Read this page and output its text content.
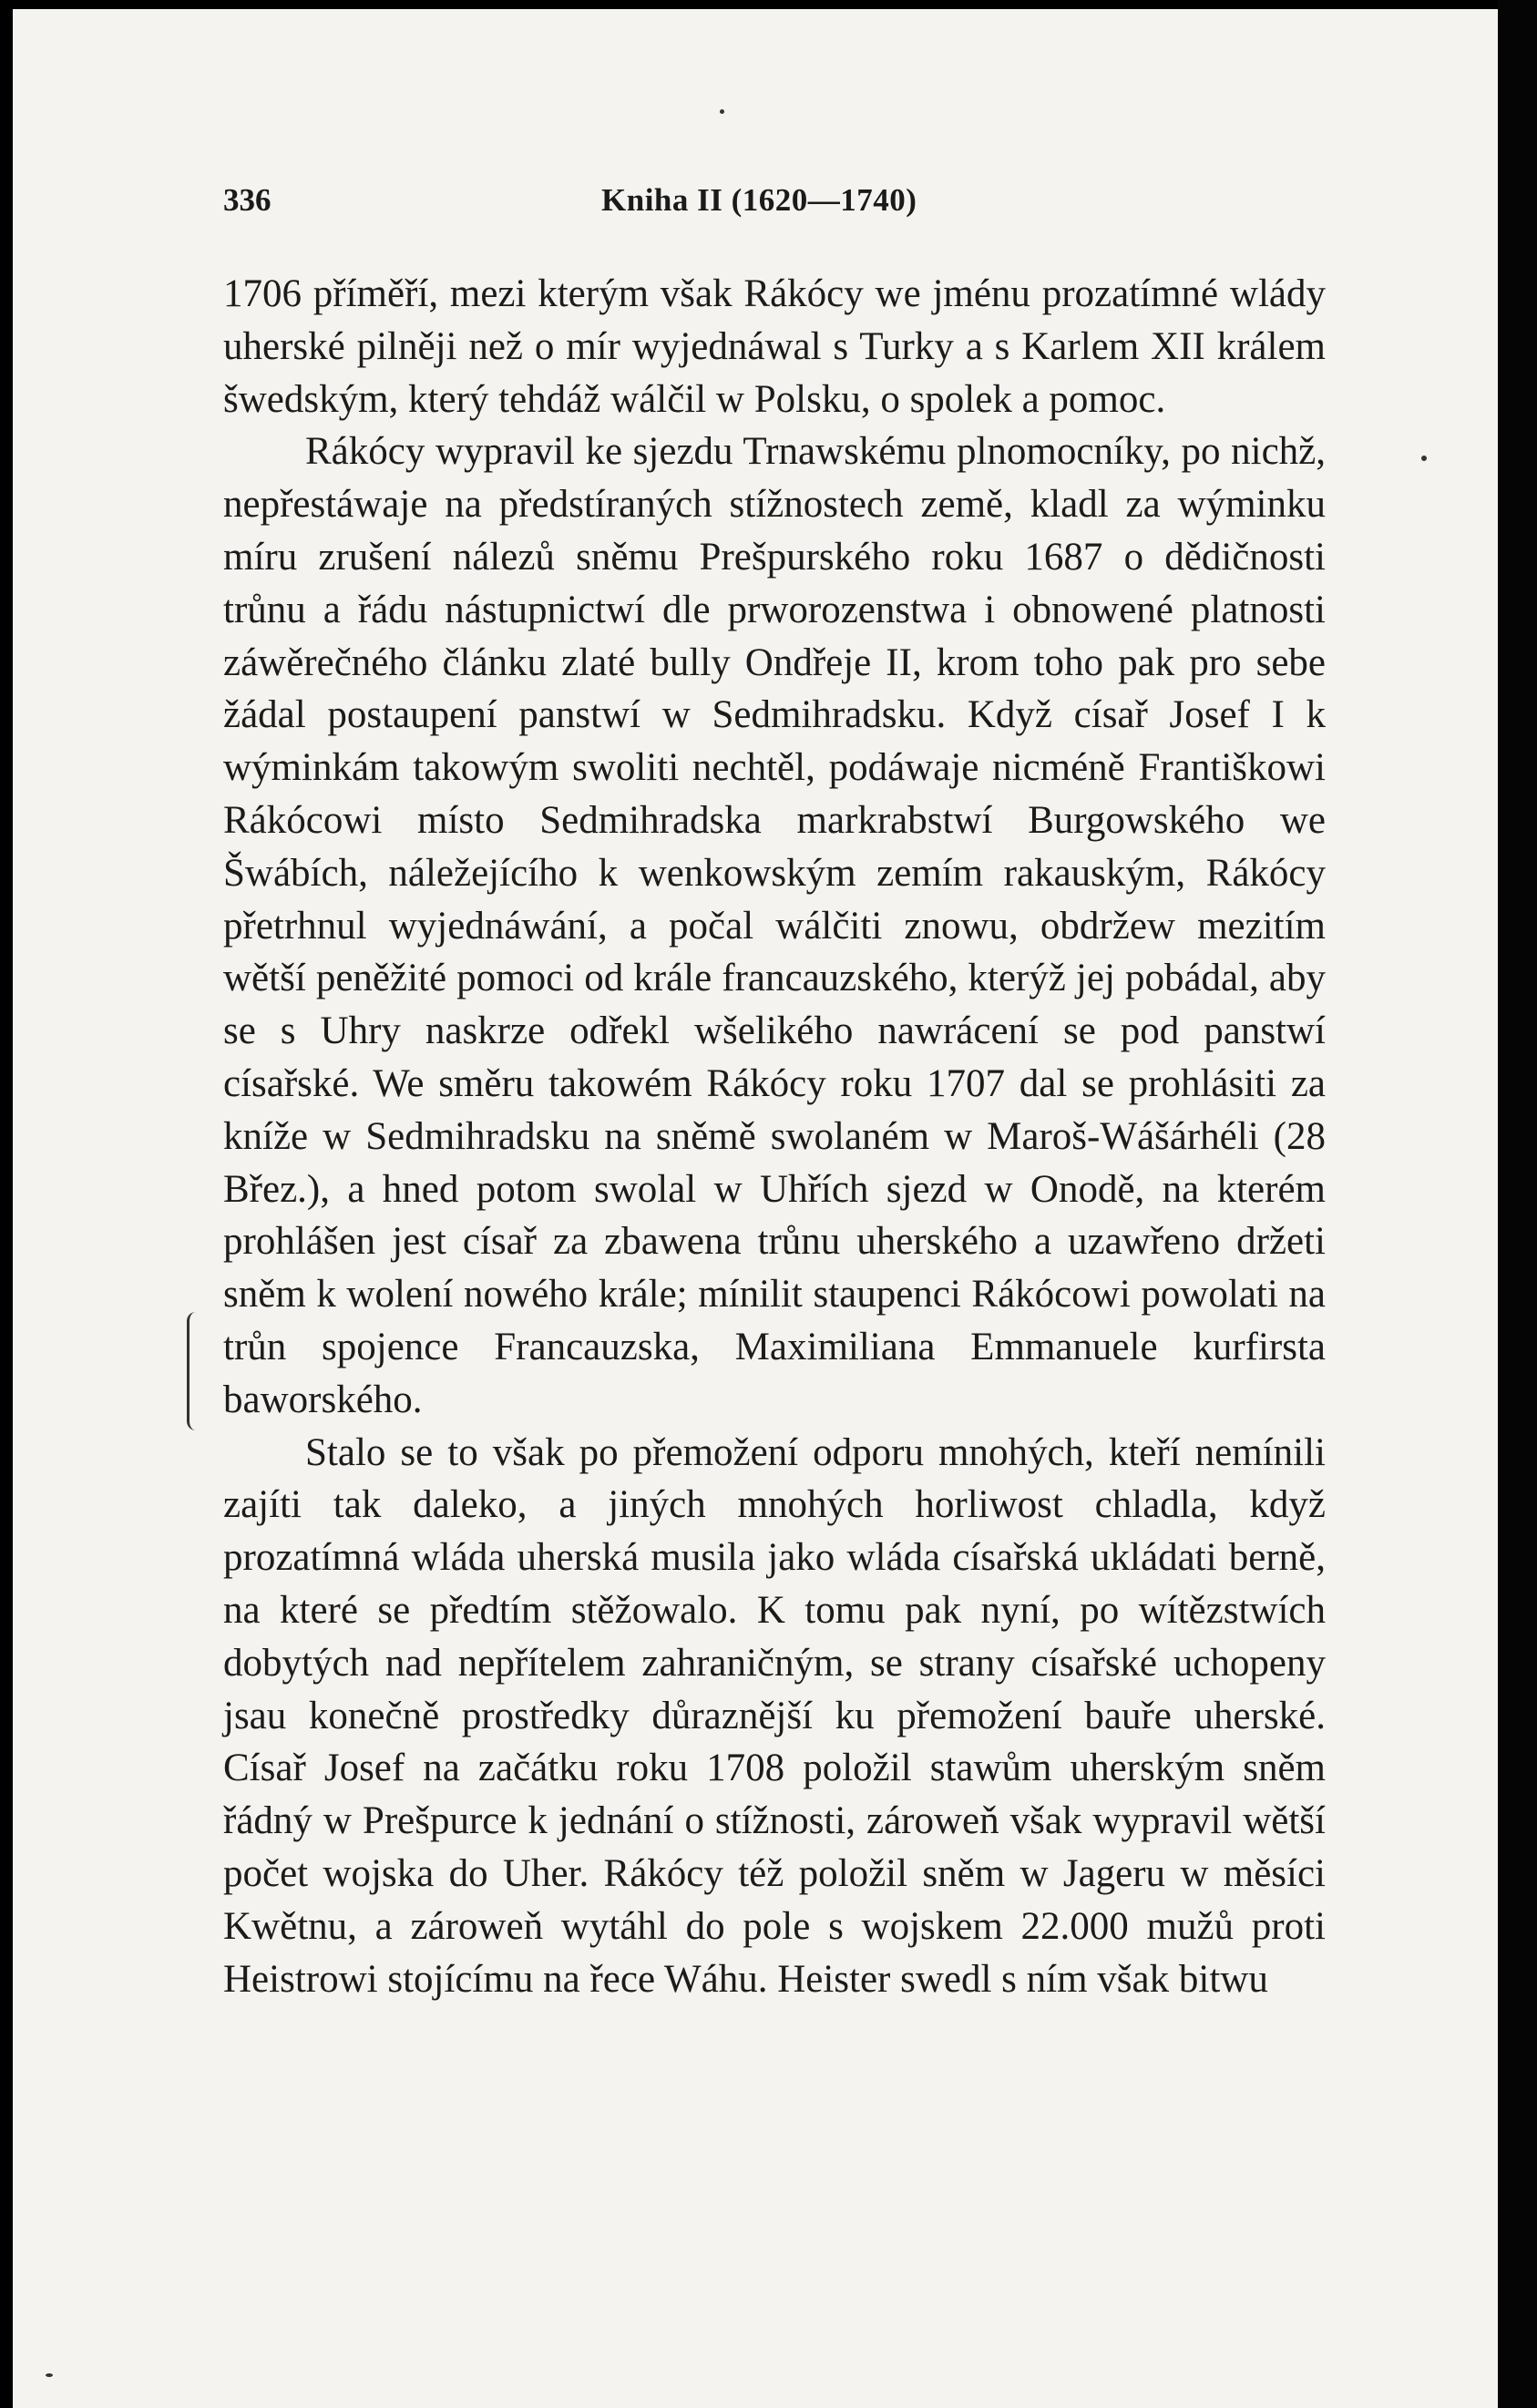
336	Kniha II (1620—1740)

1706 příměří, mezi kterým však Rákócy we jménu prozatímné wlády uherské pilněji než o mír wyjednáwal s Turky a s Karlem XII králem šwedským, který tehdáž wálčil w Polsku, o spolek a pomoc.

Rákócy wypravil ke sjezdu Trnawskému plnomocníky, po nichž, nepřestáwaje na předstíraných stížnostech země, kladl za wýminku míru zrušení nálezů sněmu Prešpurského roku 1687 o dědičnosti trůnu a řádu nástupnictwí dle prworozenstwa i obnowené platnosti záwěrečného článku zlaté bully Ondřeje II, krom toho pak pro sebe žádal postaupení panstwí w Sedmihradsku. Když císař Josef I k wýminkám takowým swoliti nechtěl, podáwaje nicméně Františkowi Rákócowi místo Sedmihradska markrabstwí Burgowského we Šwábích, náležejícího k wenkowským zemím rakauským, Rákócy přetrhnul wyjednáwání, a počal wálčiti znowu, obdržew mezitím wětší peněžité pomoci od krále francauzského, kterýž jej pobádal, aby se s Uhry naskrze odřekl wšelikého nawrácení se pod panstwí císařské. We směru takowém Rákócy roku 1707 dal se prohlásiti za kníže w Sedmihradsku na sněmě swolaném w Maroš-Wášárhéli (28 Břez.), a hned potom swolal w Uhřích sjezd w Onodě, na kterém prohlášen jest císař za zbawena trůnu uherského a uzawřeno držeti sněm k wolení nowého krále; mínilit staupenci Rákócowi powolati na trůn spojence Francauzska, Maximiliana Emmanuele kurfirsta baworského.

Stalo se to však po přemožení odporu mnohých, kteří nemínili zajíti tak daleko, a jiných mnohých horliwost chladla, když prozatímná wláda uherská musila jako wláda císařská ukládati berně, na které se předtím stěžowalo. K tomu pak nyní, po wítězstwích dobytých nad nepřítelem zahraničným, se strany císařské uchopeny jsau konečně prostředky důraznější ku přemožení bauře uherské. Císař Josef na začátku roku 1708 položil stawům uherským sněm řádný w Prešpurce k jednání o stížnosti, zároweň však wypravil wětší počet wojska do Uher. Rákócy též položil sněm w Jageru w měsíci Kwětnu, a zároweň wytáhl do pole s wojskem 22.000 mužů proti Heistrowi stojícímu na řece Wáhu. Heister swedl s ním však bitwu
